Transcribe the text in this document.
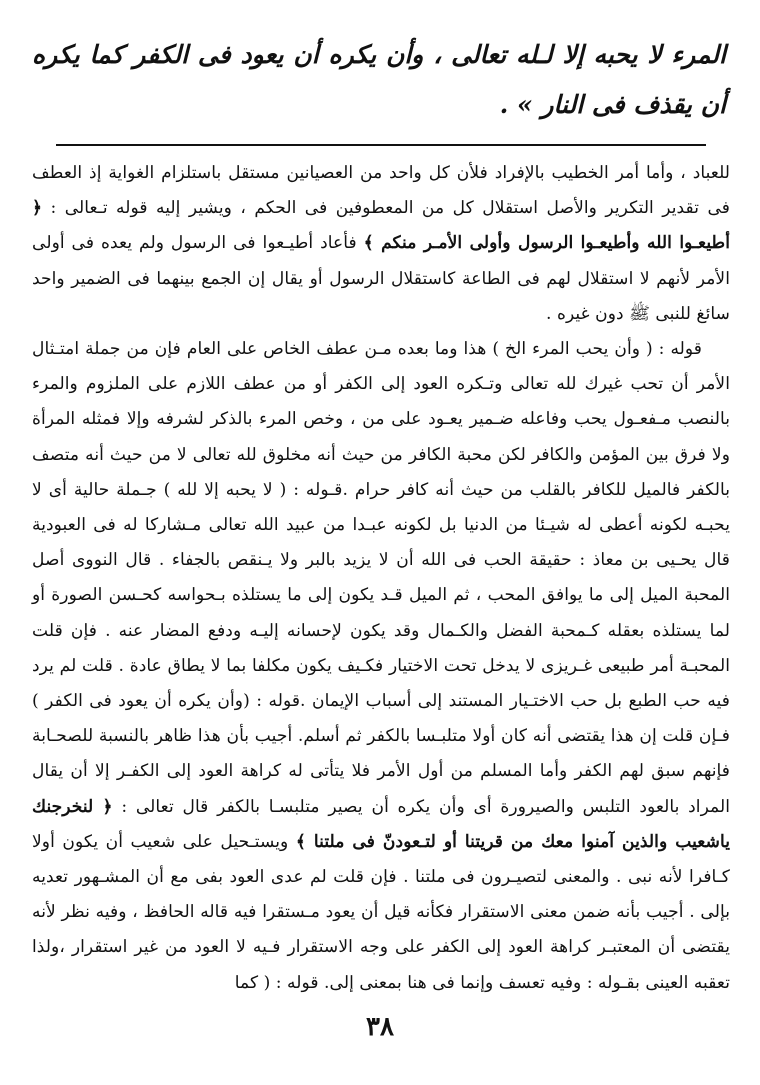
المرء لا يحبه إلا لـله تعالى ، وأن يكره أن يعود فى الكفر كما يكره أن يقذف فى النار » .

للعباد ، وأما أمر الخطيب بالإفراد فلأن كل واحد من العصيانين مستقل باستلزام الغواية إذ العطف فى تقدير التكرير والأصل استقلال كل من المعطوفين فى الحكم ، ويشير إليه قوله تـعالى : ﴿ أطيعـوا الله وأطيعـوا الرسول وأولى الأمـر منكم ﴾ فأعاد أطيـعوا فى الرسول ولم يعده فى أولى الأمر لأنهم لا استقلال لهم فى الطاعة كاستقلال الرسول أو يقال إن الجمع بينهما فى الضمير واحد سائغ للنبى ﷺ دون غيره .

قوله : ( وأن يحب المرء الخ ) هذا وما بعده مـن عطف الخاص على العام فإن من جملة امتـثال الأمر أن تحب غيرك لله تعالى وتـكره العود إلى الكفر أو من عطف اللازم على الملزوم والمرء بالنصب مـفعـول يحب وفاعله ضـمير يعـود على من ، وخص المرء بالذكر لشرفه وإلا فمثله المرأة ولا فرق بين المؤمن والكافر لكن محبة الكافر من حيث أنه مخلوق لله تعالى لا من حيث أنه متصف بالكفر فالميل للكافر بالقلب من حيث أنه كافر حرام .قـوله : ( لا يحبه إلا لله ) جـملة حالية أى لا يحبـه لكونه أعطى له شيـئا من الدنيا بل لكونه عبـدا من عبيد الله تعالى مـشاركا له فى العبودية قال يحـيى بن معاذ : حقيقة الحب فى الله أن لا يزيد بالبر ولا يـنقص بالجفاء . قال النووى أصل المحبة الميل إلى ما يوافق المحب ، ثم الميل قـد يكون إلى ما يستلذه بـحواسه كحـسن الصورة أو لما يستلذه بعقله كـمحبة الفضل والكـمال وقد يكون لإحسانه إليـه ودفع المضار عنه . فإن قلت المحبـة أمر طبيعى غـريزى لا يدخل تحت الاختيار فكـيف يكون مكلفا بما لا يطاق عادة . قلت لم يرد فيه حب الطبع بل حب الاختـيار المستند إلى أسباب الإيمان .قوله : (وأن يكره أن يعود فى الكفر ) فـإن قلت إن هذا يقتضى أنه كان أولا متلبـسا بالكفر ثم أسلم. أجيب بأن هذا ظاهر بالنسبة للصحـابة فإنهم سبق لهم الكفر وأما المسلم من أول الأمر فلا يتأتى له كراهة العود إلى الكفـر إلا أن يقال المراد بالعود التلبس والصيرورة أى وأن يكره أن يصير متلبسـا بالكفر قال تعالى : ﴿ لنخرجنك ياشعيب والذين آمنوا معك من قريتنا أو لتـعودنّ فى ملتنا ﴾ ويستـحيل على شعيب أن يكون أولا كـافرا لأنه نبى . والمعنى لتصيـرون فى ملتنا . فإن قلت لم عدى العود بفى مع أن المشـهور تعديه بإلى . أجيب بأنه ضمن معنى الاستقرار فكأنه قيل أن يعود مـستقرا فيه قاله الحافظ ، وفيه نظر لأنه يقتضى أن المعتبـر كراهة العود إلى الكفر على وجه الاستقرار فـيه لا العود من غير استقرار ،ولذا تعقبه العينى بقـوله : وفيه تعسف وإنما فى هنا بمعنى إلى. قوله : ( كما

٣٨
